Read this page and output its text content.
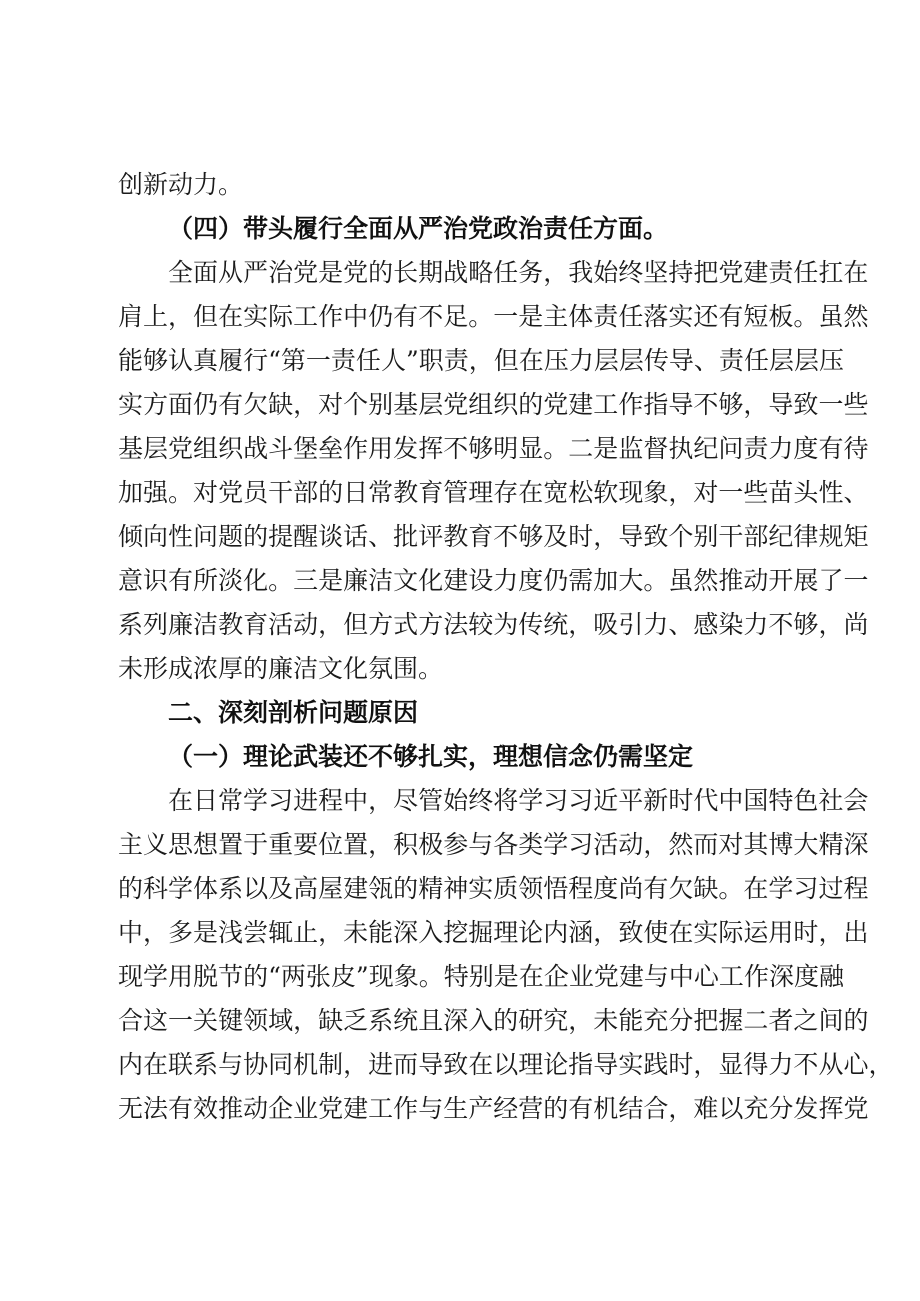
创新动力。
（四）带头履行全面从严治党政治责任方面。
全 面 从 严 治 党 是 党 的 长 期 战 略 任 务 ， 我 始 终 坚 持 把 党 建 责 任 扛 在
肩 上 ， 但 在 实 际 工 作 中 仍 有 不 足 。 一 是 主 体 责 任 落 实 还 有 短 板 。 虽 然
能 够 认 真 履 行 “ 第 一 责 任 人 ” 职 责 ， 但 在 压 力 层 层 传 导 、 责 任 层 层 压
实 方 面 仍 有 欠 缺 ， 对 个 别 基 层 党 组 织 的 党 建 工 作 指 导 不 够 ， 导 致 一 些
基 层 党 组 织 战 斗 堡 垒 作 用 发 挥 不 够 明 显 。 二 是 监 督 执 纪 问 责 力 度 有 待
加 强 。 对 党 员 干 部 的 日 常 教 育 管 理 存 在 宽 松 软 现 象 ， 对 一 些 苗 头 性 、
倾 向 性 问 题 的 提 醒 谈 话 、 批 评 教 育 不 够 及 时 ， 导 致 个 别 干 部 纪 律 规 矩
意 识 有 所 淡 化 。 三 是 廉 洁 文 化 建 设 力 度 仍 需 加 大 。 虽 然 推 动 开 展 了 一
系 列 廉 洁 教 育 活 动 ， 但 方 式 方 法 较 为 传 统 ， 吸 引 力 、 感 染 力 不 够 ， 尚
未形成浓厚的廉洁文化氛围。
二、深刻剖析问题原因
（一）理论武装还不够扎实，理想信念仍需坚定
在 日 常 学 习 进 程 中 ， 尽 管 始 终 将 学 习 习 近 平 新 时 代 中 国 特 色 社 会
主 义 思 想 置 于 重 要 位 置 ， 积 极 参 与 各 类 学 习 活 动 ， 然 而 对 其 博 大 精 深
的 科 学 体 系 以 及 高 屋 建 瓴 的 精 神 实 质 领 悟 程 度 尚 有 欠 缺 。 在 学 习 过 程
中 ， 多 是 浅 尝 辄 止 ， 未 能 深 入 挖 掘 理 论 内 涵 ， 致 使 在 实 际 运 用 时 ， 出
现 学 用 脱 节 的 “ 两 张 皮 ” 现 象 。 特 别 是 在 企 业 党 建 与 中 心 工 作 深 度 融
合 这 一 关 键 领 域 ， 缺 乏 系 统 且 深 入 的 研 究 ， 未 能 充 分 把 握 二 者 之 间 的
内 在 联 系 与 协 同 机 制 ， 进 而 导 致 在 以 理 论 指 导 实 践 时 ， 显 得 力 不 从 心 ，
无 法 有 效 推 动 企 业 党 建 工 作 与 生 产 经 营 的 有 机 结 合 ， 难 以 充 分 发 挥 党
